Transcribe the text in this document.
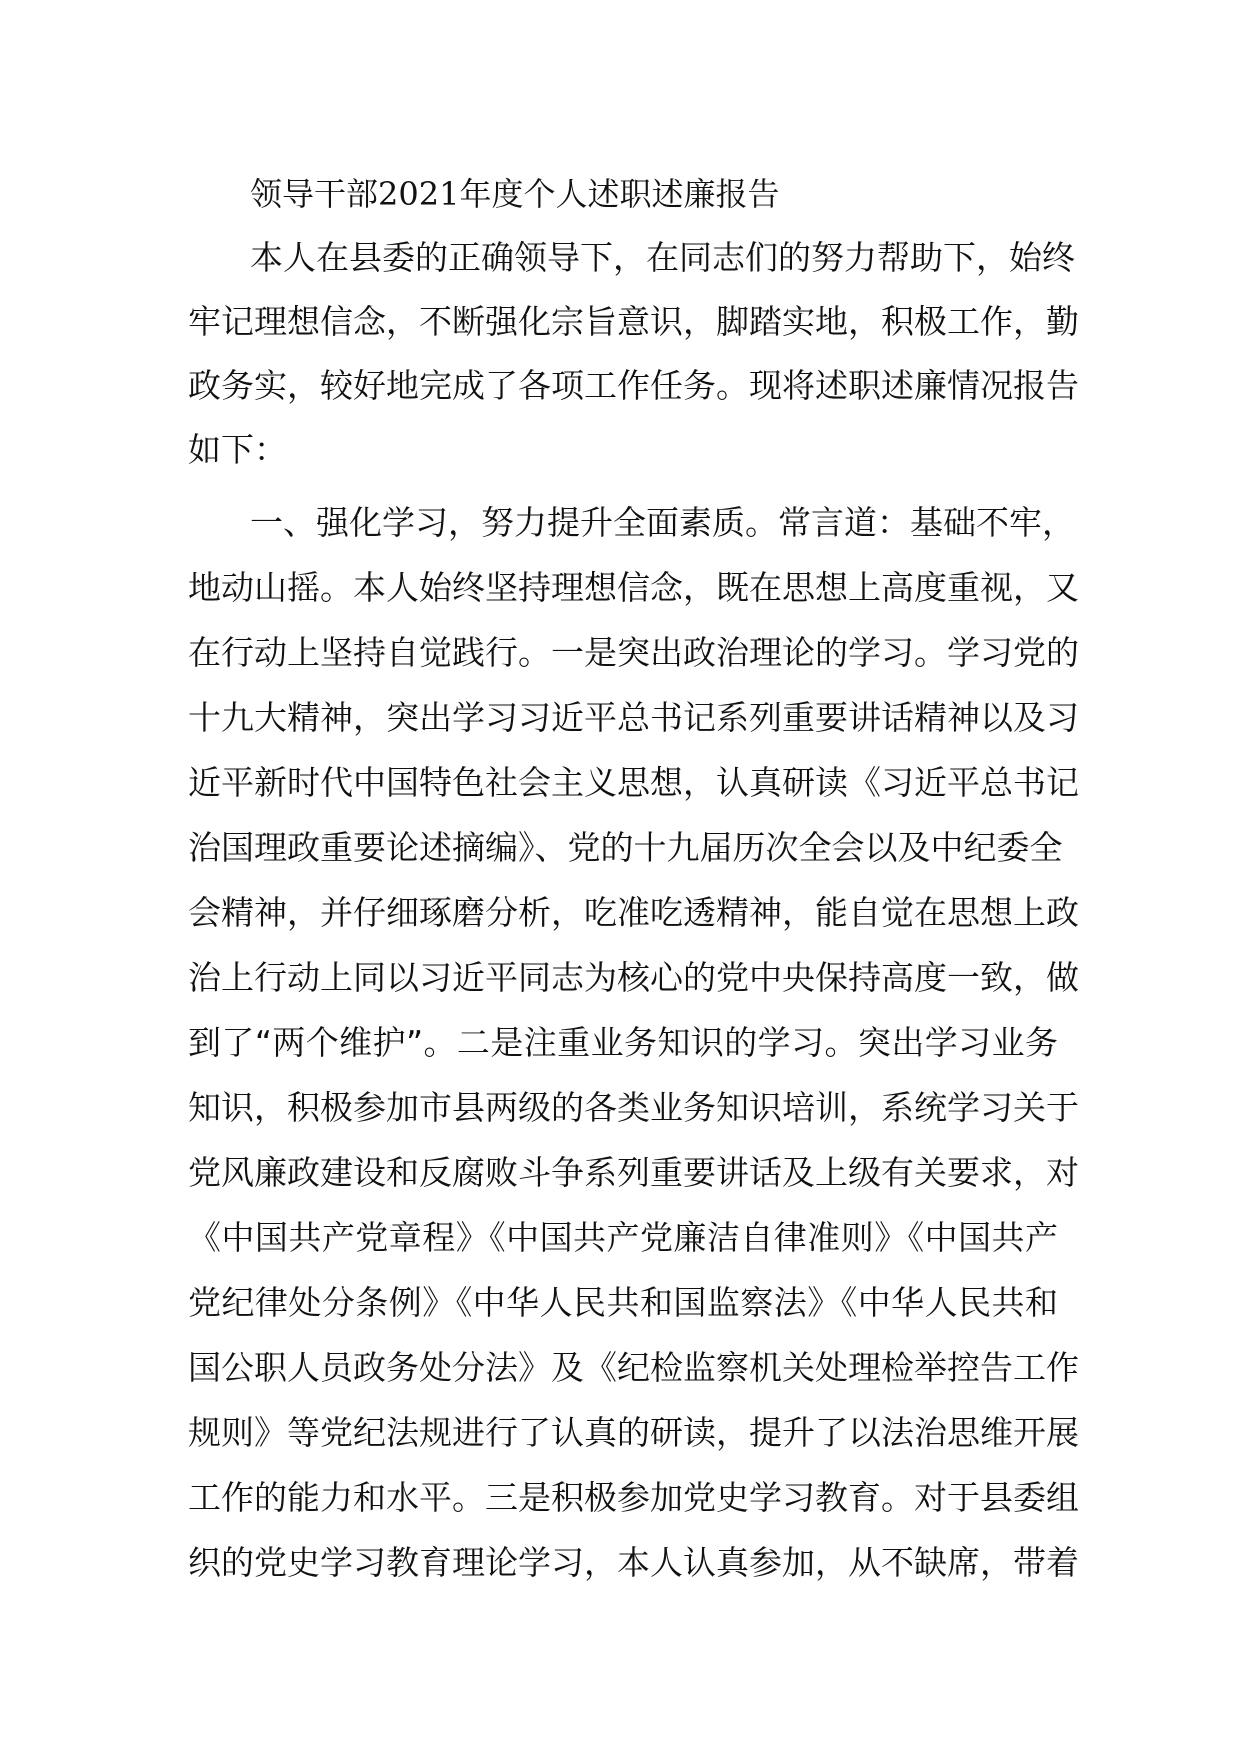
领导干部2021年度个人述职述廉报告
本人在县委的正确领导下，在同志们的努力帮助下，始终
牢记理想信念，不断强化宗旨意识，脚踏实地，积极工作，勤
政务实，较好地完成了各项工作任务。现将述职述廉情况报告
如下：
一、强化学习，努力提升全面素质。常言道：基础不牢，
地动山摇。本人始终坚持理想信念，既在思想上高度重视，又
在行动上坚持自觉践行。一是突出政治理论的学习。学习党的
十九大精神，突出学习习近平总书记系列重要讲话精神以及习
近平新时代中国特色社会主义思想，认真研读《习近平总书记
治国理政重要论述摘编》、党的十九届历次全会以及中纪委全
会精神，并仔细琢磨分析，吃准吃透精神，能自觉在思想上政
治上行动上同以习近平同志为核心的党中央保持高度一致，做
到了“两个维护”。二是注重业务知识的学习。突出学习业务
知识，积极参加市县两级的各类业务知识培训，系统学习关于
党风廉政建设和反腐败斗争系列重要讲话及上级有关要求，对
《中国共产党章程》《中国共产党廉洁自律准则》《中国共产
党纪律处分条例》《中华人民共和国监察法》《中华人民共和
国公职人员政务处分法》及《纪检监察机关处理检举控告工作
规则》等党纪法规进行了认真的研读，提升了以法治思维开展
工作的能力和水平。三是积极参加党史学习教育。对于县委组
织的党史学习教育理论学习，本人认真参加，从不缺席，带着
